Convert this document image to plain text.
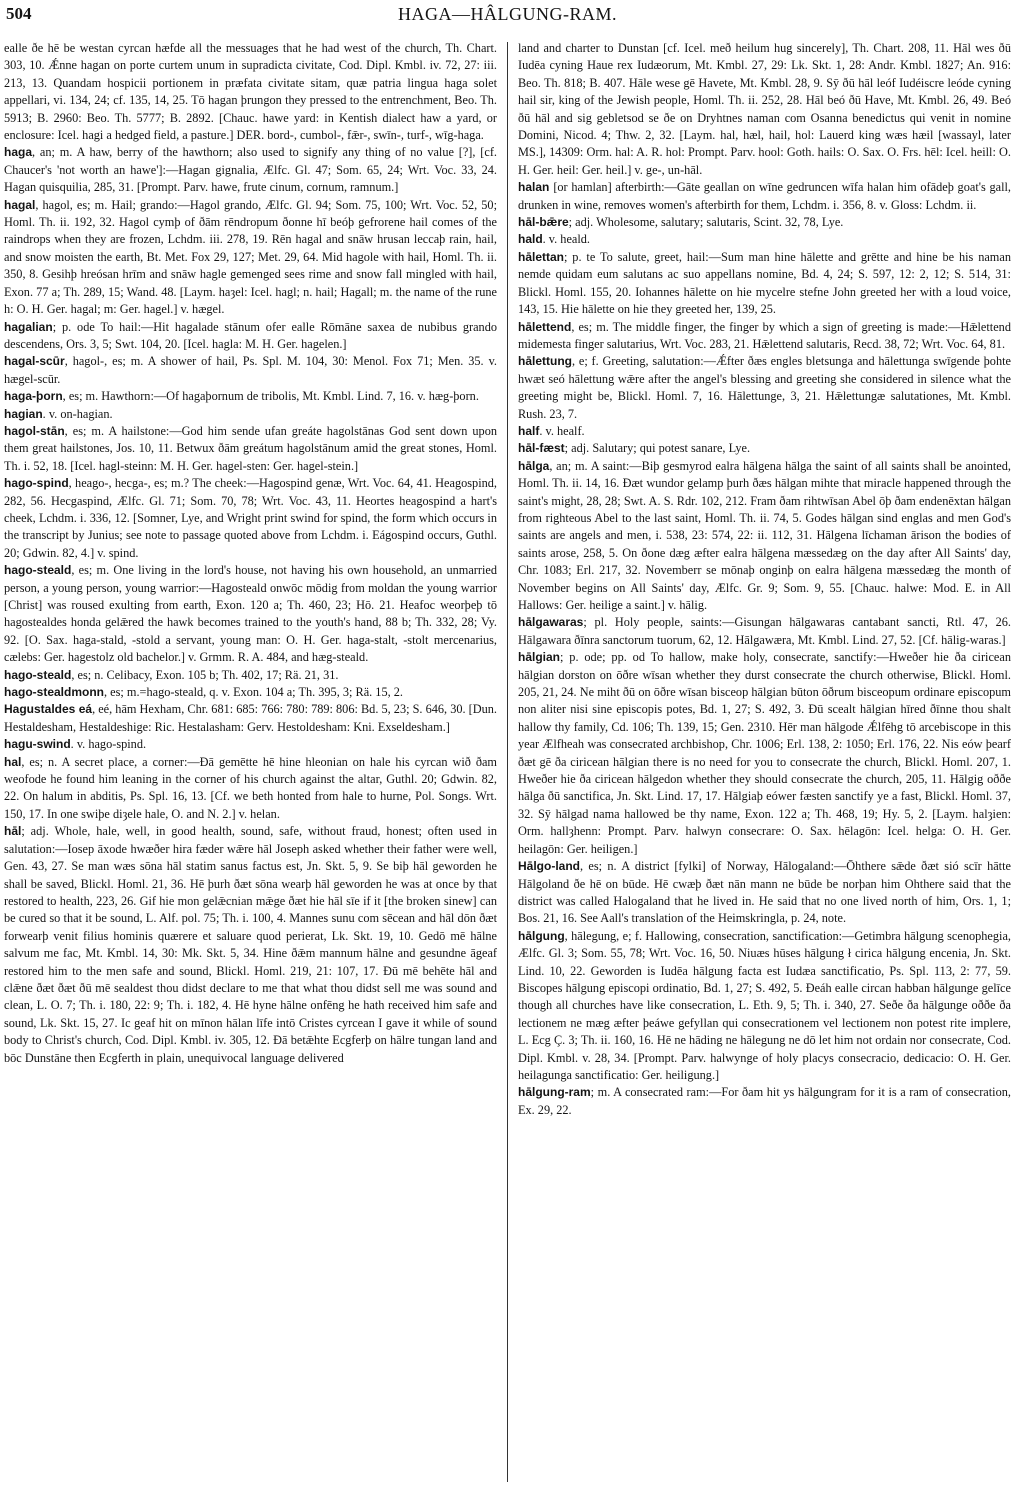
504	HAGA—HÂLGUNG-RAM.

ealle ðe hē be westan cyrcan hæfde all the messuages that he had west of the church, Th. Chart. 303, 10. Ǽnne hagan on porte curtem unum in supradicta civitate, Cod. Dipl. Kmbl. iv. 72, 27: iii. 213, 13. Quandam hospicii portionem in præfata civitate sitam, quæ patria lingua haga solet appellari, vi. 134, 24; cf. 135, 14, 25. Tō hagan þrungon they pressed to the entrenchment, Beo. Th. 5913; B. 2960: Beo. Th. 5777; B. 2892. [Chauc. hawe yard: in Kentish dialect haw a yard, or enclosure: Icel. hagi a hedged field, a pasture.] DER. bord-, cumbol-, fǣr-, swīn-, turf-, wīg-haga.

haga, an; m. A haw, berry of the hawthorn; also used to signify any thing of no value [?], [cf. Chaucer's 'not worth an hawe']:—Hagan gignalia, Ælfc. Gl. 47; Som. 65, 24; Wrt. Voc. 33, 24. Hagan quisquilia, 285, 31. [Prompt. Parv. hawe, frute cinum, cornum, ramnum.]

hagal, hagol, es; m. Hail; grando:—Hagol grando, Ælfc. Gl. 94; Som. 75, 100; Wrt. Voc. 52, 50; Homl. Th. ii. 192, 32. Hagol cymþ of ðām rēndropum ðonne hī beóþ gefrorene hail comes of the raindrops when they are frozen, Lchdm. iii. 278, 19. Rēn hagal and snāw hrusan leccaþ rain, hail, and snow moisten the earth, Bt. Met. Fox 29, 127; Met. 29, 64. Mid hagole with hail, Homl. Th. ii. 350, 8. Gesihþ hreósan hrīm and snāw hagle gemenged sees rime and snow fall mingled with hail, Exon. 77 a; Th. 289, 15; Wand. 48. [Laym. haȝel: Icel. hagl; n. hail; Hagall; m. the name of the rune h: O. H. Ger. hagal; m: Ger. hagel.] v. hægel.

hagalian; p. ode To hail:—Hit hagalade stānum ofer ealle Rōmāne saxea de nubibus grando descendens, Ors. 3, 5; Swt. 104, 20. [Icel. hagla: M. H. Ger. hagelen.]

hagal-scūr, hagol-, es; m. A shower of hail, Ps. Spl. M. 104, 30: Menol. Fox 71; Men. 35. v. hægel-scūr.

haga-þorn, es; m. Hawthorn:—Of hagaþornum de tribolis, Mt. Kmbl. Lind. 7, 16. v. hæg-þorn.

hagian. v. on-hagian.

hagol-stān, es; m. A hailstone:—God him sende ufan greáte hagolstānas God sent down upon them great hailstones, Jos. 10, 11. Betwux ðām greátum hagolstānum amid the great stones, Homl. Th. i. 52, 18. [Icel. hagl-steinn: M. H. Ger. hagel-sten: Ger. hagel-stein.]

hago-spind, heago-, hecga-, es; m.? The cheek:—Hagospind genæ, Wrt. Voc. 64, 41. Heagospind, 282, 56. Hecgaspind, Ælfc. Gl. 71; Som. 70, 78; Wrt. Voc. 43, 11. Heortes heagospind a hart's cheek, Lchdm. i. 336, 12. [Somner, Lye, and Wright print swind for spind, the form which occurs in the transcript by Junius; see note to passage quoted above from Lchdm. i. Eágospind occurs, Guthl. 20; Gdwin. 82, 4.] v. spind.

hago-steald, es; m. One living in the lord's house, not having his own household, an unmarried person, a young person, young warrior:—Hagosteald onwōc mōdig from moldan the young warrior [Christ] was roused exulting from earth, Exon. 120 a; Th. 460, 23; Hō. 21. Heafoc weorþeþ tō hagostealdes honda gelǣred the hawk becomes trained to the youth's hand, 88 b; Th. 332, 28; Vy. 92. [O. Sax. haga-stald, -stold a servant, young man: O. H. Ger. haga-stalt, -stolt mercenarius, cælebs: Ger. hagestolz old bachelor.] v. Grmm. R. A. 484, and hæg-steald.

hago-steald, es; n. Celibacy, Exon. 105 b; Th. 402, 17; Rä. 21, 31.

hago-stealdmonn, es; m.=hago-steald, q. v. Exon. 104 a; Th. 395, 3; Rä. 15, 2.

Hagustaldes eá, eé, hām Hexham, Chr. 681: 685: 766: 780: 789: 806: Bd. 5, 23; S. 646, 30. [Dun. Hestaldesham, Hestaldeshige: Ric. Hestalasham: Gerv. Hestoldesham: Kni. Exseldesham.]

hagu-swind. v. hago-spind.

hal, es; n. A secret place, a corner:—Ðā gemētte hē hine hleonian on hale his cyrcan wið ðam weofode he found him leaning in the corner of his church against the altar, Guthl. 20; Gdwin. 82, 22. On halum in abditis, Ps. Spl. 16, 13. [Cf. we beth honted from hale to hurne, Pol. Songs. Wrt. 150, 17. In one swiþe diȝele hale, O. and N. 2.] v. helan.

hāl; adj. Whole, hale, well, in good health, sound, safe, without fraud, honest; often used in salutation:—Iosep āxode hwæðer hira fæder wǣre hāl Joseph asked whether their father were well, Gen. 43, 27. Se man wæs sōna hāl statim sanus factus est, Jn. Skt. 5, 9. Se biþ hāl geworden he shall be saved, Blickl. Homl. 21, 36. Hē þurh ðæt sōna wearþ hāl geworden he was at once by that restored to health, 223, 26. Gif hie mon gelǣcnian mǣge ðæt hie hāl sīe if it [the broken sinew] can be cured so that it be sound, L. Alf. pol. 75; Th. i. 100, 4. Mannes sunu com sēcean and hāl dōn ðæt forwearþ venit filius hominis quærere et saluare quod perierat, Lk. Skt. 19, 10. Gedō mē hālne salvum me fac, Mt. Kmbl. 14, 30: Mk. Skt. 5, 34. Hine ðǣm mannum hālne and gesundne āgeaf restored him to the men safe and sound, Blickl. Homl. 219, 21: 107, 17. Ðū mē behēte hāl and clǣne ðæt ðæt ðū mē sealdest thou didst declare to me that what thou didst sell me was sound and clean, L. O. 7; Th. i. 180, 22: 9; Th. i. 182, 4. Hē hyne hālne onfēng he hath received him safe and sound, Lk. Skt. 15, 27. Ic geaf hit on mīnon hālan līfe intō Cristes cyrcean I gave it while of sound body to Christ's church, Cod. Dipl. Kmbl. iv. 305, 12. Ðā betǣhte Ecgferþ on hālre tungan land and bōc Dunstāne then Ecgferth in plain, unequivocal language delivered

land and charter to Dunstan [cf. Icel. með heilum hug sincerely], Th. Chart. 208, 11. Hāl wes ðū Iudēa cyning Haue rex Iudæorum, Mt. Kmbl. 27, 29: Lk. Skt. 1, 28: Andr. Kmbl. 1827; An. 916: Beo. Th. 818; B. 407. Hāle wese gē Havete, Mt. Kmbl. 28, 9. Sȳ ðū hāl leóf Iudéiscre leóde cyning hail sir, king of the Jewish people, Homl. Th. ii. 252, 28. Hāl beó ðū Have, Mt. Kmbl. 26, 49. Beó ðū hāl and sig gebletsod se ðe on Dryhtnes naman com Osanna benedictus qui venit in nomine Domini, Nicod. 4; Thw. 2, 32. [Laym. hal, hæl, hail, hol: Lauerd king wæs hæil [wassayl, later MS.], 14309: Orm. hal: A. R. hol: Prompt. Parv. hool: Goth. hails: O. Sax. O. Frs. hēl: Icel. heill: O. H. Ger. heil: Ger. heil.] v. ge-, un-hāl.

halan [or hamlan] afterbirth:—Gāte geallan on wīne gedruncen wīfa halan him ofādeþ goat's gall, drunken in wine, removes women's afterbirth for them, Lchdm. i. 356, 8. v. Gloss: Lchdm. ii.

hāl-bǣre; adj. Wholesome, salutary; salutaris, Scint. 32, 78, Lye.

hald. v. heald.

hālettan; p. te To salute, greet, hail:—Sum man hine hālette and grētte and hine be his naman nemde quidam eum salutans ac suo appellans nomine, Bd. 4, 24; S. 597, 12: 2, 12; S. 514, 31: Blickl. Homl. 155, 20. Iohannes hālette on hie mycelre stefne John greeted her with a loud voice, 143, 15. Hie hālette on hie they greeted her, 139, 25.

hālettend, es; m. The middle finger, the finger by which a sign of greeting is made:—Hǣlettend midemesta finger salutarius, Wrt. Voc. 283, 21. Hǣlettend salutaris, Recd. 38, 72; Wrt. Voc. 64, 81.

hālettung, e; f. Greeting, salutation:—Ǽfter ðæs engles bletsunga and hālettunga swīgende þohte hwæt seó hālettung wǣre after the angel's blessing and greeting she considered in silence what the greeting might be, Blickl. Homl. 7, 16. Hālettunge, 3, 21. Hǣlettungæ salutationes, Mt. Kmbl. Rush. 23, 7.

half. v. healf.

hāl-fæst; adj. Salutary; qui potest sanare, Lye.

hālga, an; m. A saint:—Biþ gesmyrod ealra hālgena hālga the saint of all saints shall be anointed, Homl. Th. ii. 14, 16. Ðæt wundor gelamp þurh ðæs hālgan mihte that miracle happened through the saint's might, 28, 28; Swt. A. S. Rdr. 102, 212. Fram ðam rihtwīsan Abel ōþ ðam endenēxtan hālgan from righteous Abel to the last saint, Homl. Th. ii. 74, 5. Godes hālgan sind englas and men God's saints are angels and men, i. 538, 23: 574, 22: ii. 112, 31. Hālgena līchaman ārison the bodies of saints arose, 258, 5. On ðone dæg æfter ealra hālgena mæssedæg on the day after All Saints' day, Chr. 1083; Erl. 217, 32. Novemberr se mōnaþ onginþ on ealra hālgena mæssedæg the month of November begins on All Saints' day, Ælfc. Gr. 9; Som. 9, 55. [Chauc. halwe: Mod. E. in All Hallows: Ger. heilige a saint.] v. hālig.

hālgawaras; pl. Holy people, saints:—Gisungan hālgawaras cantabant sancti, Rtl. 47, 26. Hālgawara ðīnra sanctorum tuorum, 62, 12. Hālgawæra, Mt. Kmbl. Lind. 27, 52. [Cf. hālig-waras.]

hālgian; p. ode; pp. od To hallow, make holy, consecrate, sanctify:—Hweðer hie ða ciricean hālgian dorston on ōðre wīsan whether they durst consecrate the church otherwise, Blickl. Homl. 205, 21, 24. Ne miht ðū on ōðre wīsan bisceop hālgian būton ōðrum bisceopum ordinare episcopum non aliter nisi sine episcopis potes, Bd. 1, 27; S. 492, 3. Ðū scealt hālgian hīred ðīnne thou shalt hallow thy family, Cd. 106; Th. 139, 15; Gen. 2310. Hēr man hālgode Ǽlfēhg tō arcebiscope in this year Ælfheah was consecrated archbishop, Chr. 1006; Erl. 138, 2: 1050; Erl. 176, 22. Nis eów þearf ðæt gē ða ciricean hālgian there is no need for you to consecrate the church, Blickl. Homl. 207, 1. Hweðer hie ða ciricean hālgedon whether they should consecrate the church, 205, 11. Hālgig oððe hālga ðū sanctifica, Jn. Skt. Lind. 17, 17. Hālgiaþ eówer fæsten sanctify ye a fast, Blickl. Homl. 37, 32. Sȳ hālgad nama hallowed be thy name, Exon. 122 a; Th. 468, 19; Hy. 5, 2. [Laym. halȝien: Orm. hallȝhenn: Prompt. Parv. halwyn consecrare: O. Sax. hēlagōn: Icel. helga: O. H. Ger. heilagōn: Ger. heiligen.]

Hālgo-land, es; n. A district [fylki] of Norway, Hālogaland:—Ōhthere sǣde ðæt sió scīr hātte Hālgoland ðe hē on būde. Hē cwæþ ðæt nān mann ne būde be norþan him Ohthere said that the district was called Halogaland that he lived in. He said that no one lived north of him, Ors. 1, 1; Bos. 21, 16. See Aall's translation of the Heimskringla, p. 24, note.

hālgung, hālegung, e; f. Hallowing, consecration, sanctification:—Getimbra hālgung scenophegia, Ælfc. Gl. 3; Som. 55, 78; Wrt. Voc. 16, 50. Niuæs hūses hālgung ł cirica hālgung encenia, Jn. Skt. Lind. 10, 22. Geworden is Iudēa hālgung facta est Iudæa sanctificatio, Ps. Spl. 113, 2: 77, 59. Biscopes hālgung episcopi ordinatio, Bd. 1, 27; S. 492, 5. Ðeáh ealle circan habban hālgunge gelīce though all churches have like consecration, L. Eth. 9, 5; Th. i. 340, 27. Seðe ða hālgunge oððe ða lectionem ne mæg æfter þeáwe gefyllan qui consecrationem vel lectionem non potest rite implere, L. Ecg Ç. 3; Th. ii. 160, 16. Hē ne hāding ne hālegung ne dō let him not ordain nor consecrate, Cod. Dipl. Kmbl. v. 28, 34. [Prompt. Parv. halwynge of holy placys consecracio, dedicacio: O. H. Ger. heilagunga sanctificatio: Ger. heiligung.]

hālgung-ram; m. A consecrated ram:—For ðam hit ys hālgungram for it is a ram of consecration, Ex. 29, 22.
